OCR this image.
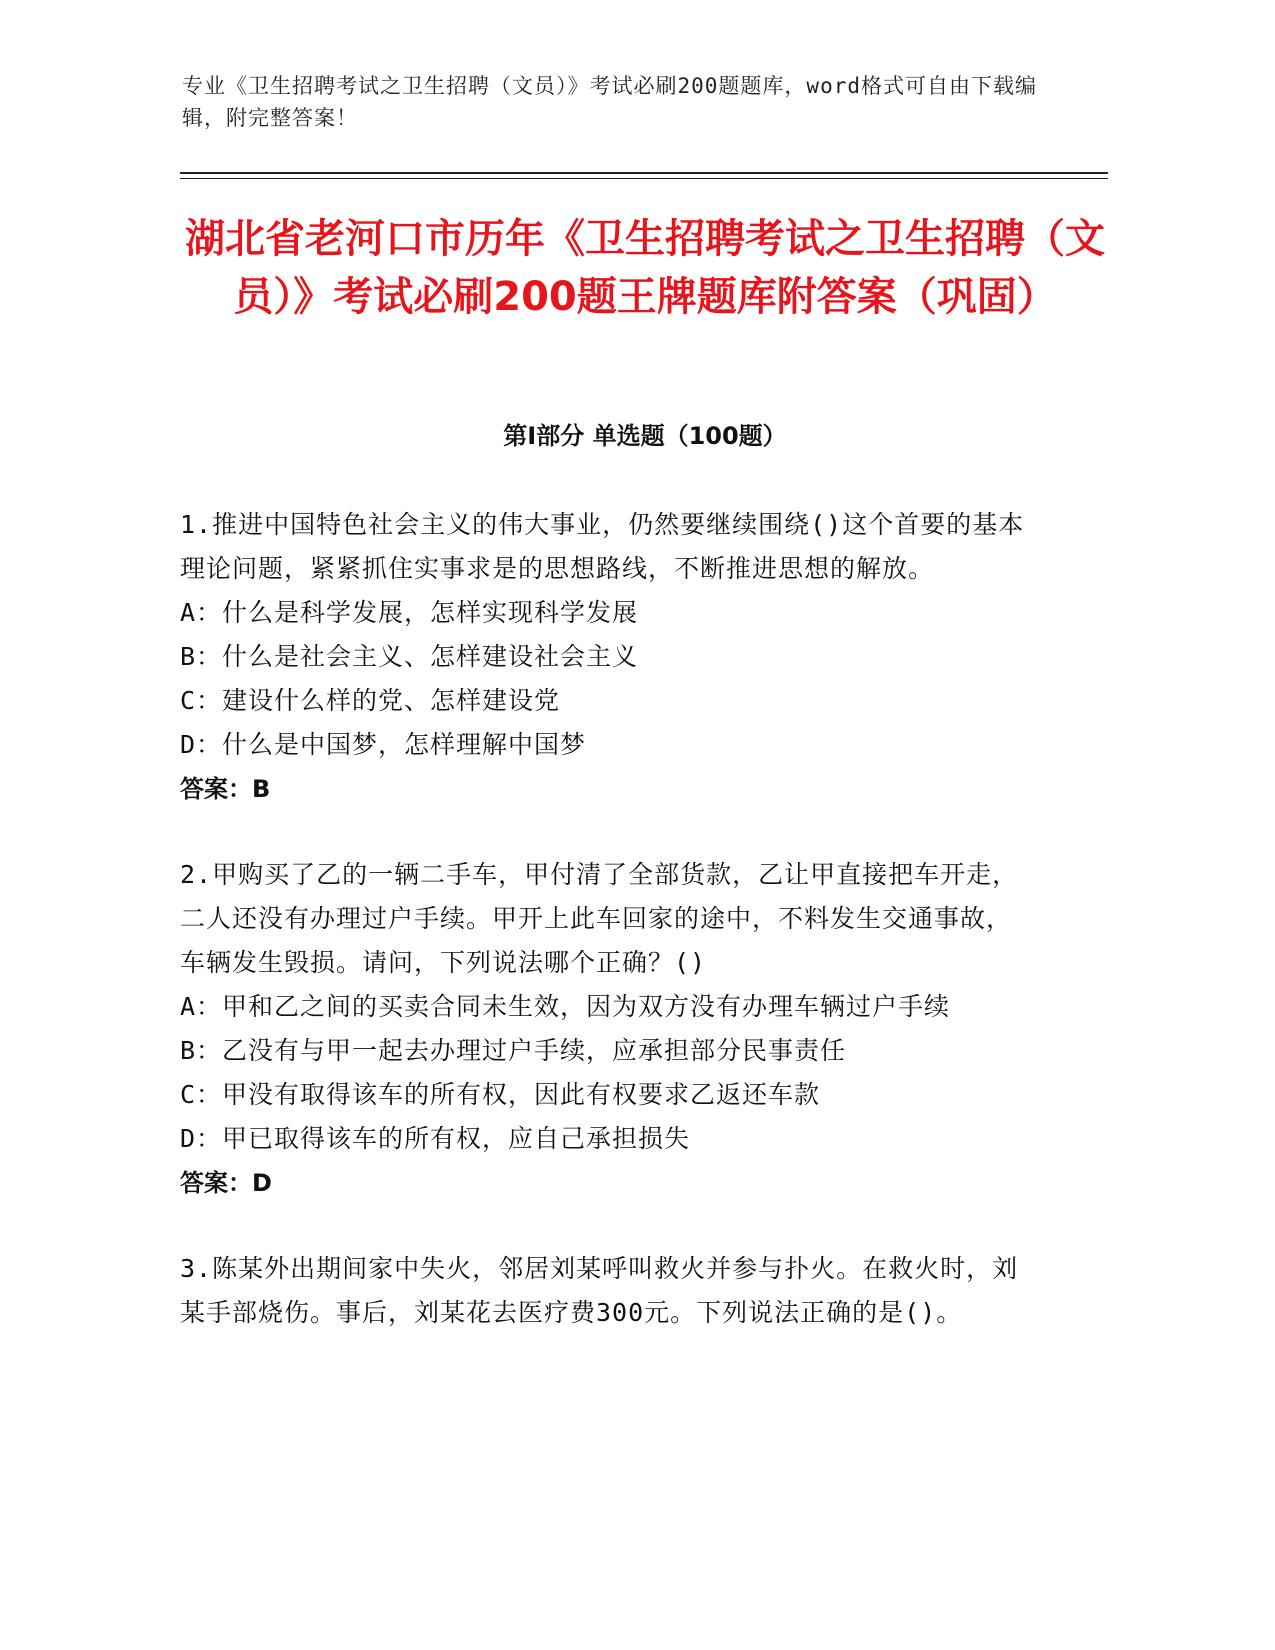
专业《卫生招聘考试之卫生招聘（文员）》考试必刷200题题库，word格式可自由下载编辑，附完整答案！
湖北省老河口市历年《卫生招聘考试之卫生招聘（文员）》考试必刷200题王牌题库附答案（巩固）
第Ⅰ部分 单选题（100题）
1.推进中国特色社会主义的伟大事业，仍然要继续围绕()这个首要的基本理论问题，紧紧抓住实事求是的思想路线，不断推进思想的解放。
A：什么是科学发展，怎样实现科学发展
B：什么是社会主义、怎样建设社会主义
C：建设什么样的党、怎样建设党
D：什么是中国梦，怎样理解中国梦
答案：B
2.甲购买了乙的一辆二手车，甲付清了全部货款，乙让甲直接把车开走，二人还没有办理过户手续。甲开上此车回家的途中，不料发生交通事故，车辆发生毁损。请问，下列说法哪个正确？()
A：甲和乙之间的买卖合同未生效，因为双方没有办理车辆过户手续
B：乙没有与甲一起去办理过户手续，应承担部分民事责任
C：甲没有取得该车的所有权，因此有权要求乙返还车款
D：甲已取得该车的所有权，应自己承担损失
答案：D
3.陈某外出期间家中失火，邻居刘某呼叫救火并参与扑火。在救火时，刘某手部烧伤。事后，刘某花去医疗费300元。下列说法正确的是()。
